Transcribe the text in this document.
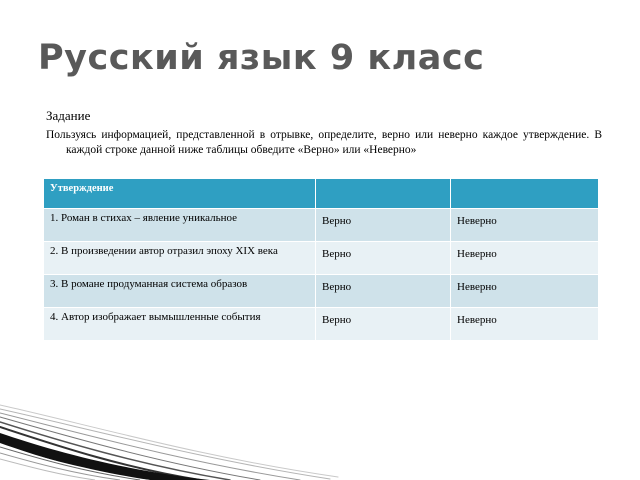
Русский язык 9 класс
Задание
Пользуясь информацией, представленной в отрывке, определите, верно или неверно каждое утверждение. В каждой строке данной ниже таблицы обведите «Верно» или «Неверно»
Утверждение		
1. Роман в стихах – явление уникальное	Верно	Неверно
2. В произведении автор отразил эпоху XIX века	Верно	Неверно
3. В романе продуманная система образов	Верно	Неверно
4. Автор изображает вымышленные события	Верно	Неверно
